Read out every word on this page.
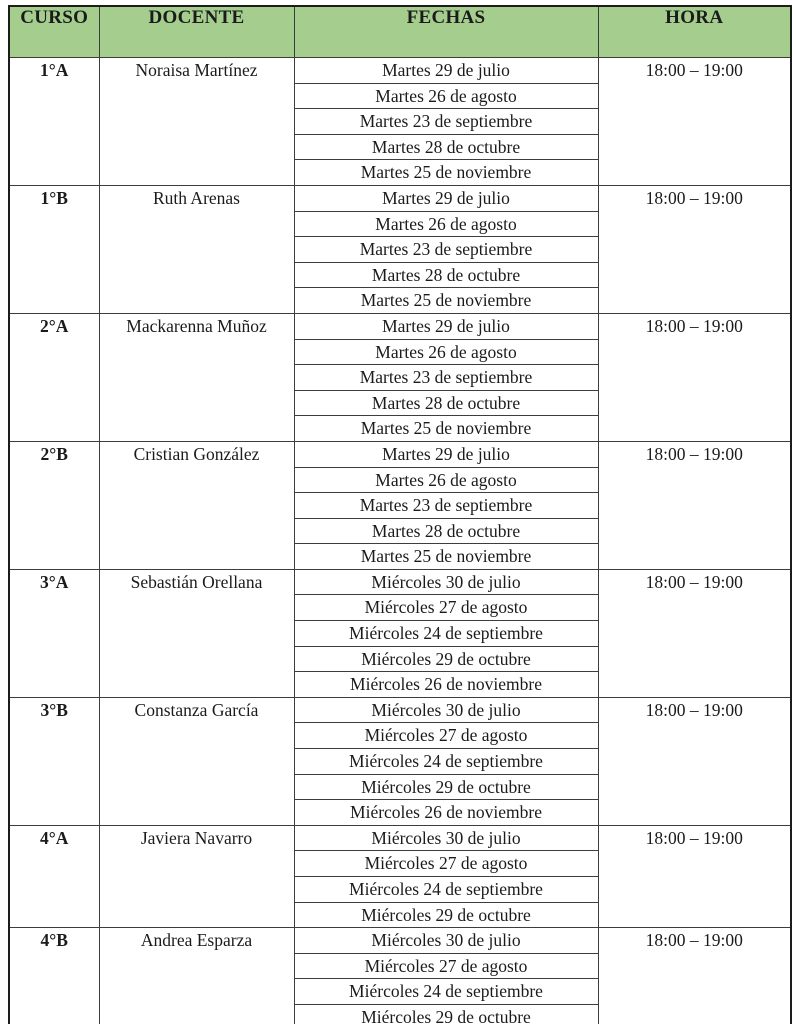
CURSO	DOCENTE	FECHAS	HORA
1°A	Noraisa Martínez	Martes 29 de julio	18:00 – 19:00
		Martes 26 de agosto	
		Martes 23 de septiembre	
		Martes 28 de octubre	
		Martes 25 de noviembre	
1°B	Ruth Arenas	Martes 29 de julio	18:00 – 19:00
		Martes 26 de agosto	
		Martes 23 de septiembre	
		Martes 28 de octubre	
		Martes 25 de noviembre	
2°A	Mackarenna Muñoz	Martes 29 de julio	18:00 – 19:00
		Martes 26 de agosto	
		Martes 23 de septiembre	
		Martes 28 de octubre	
		Martes 25 de noviembre	
2°B	Cristian González	Martes 29 de julio	18:00 – 19:00
		Martes 26 de agosto	
		Martes 23 de septiembre	
		Martes 28 de octubre	
		Martes 25 de noviembre	
3°A	Sebastián Orellana	Miércoles 30 de julio	18:00 – 19:00
		Miércoles 27 de agosto	
		Miércoles 24 de septiembre	
		Miércoles 29 de octubre	
		Miércoles 26 de noviembre	
3°B	Constanza García	Miércoles 30 de julio	18:00 – 19:00
		Miércoles 27 de agosto	
		Miércoles 24 de septiembre	
		Miércoles 29 de octubre	
		Miércoles 26 de noviembre	
4°A	Javiera Navarro	Miércoles 30 de julio	18:00 – 19:00
		Miércoles 27 de agosto	
		Miércoles 24 de septiembre	
		Miércoles 29 de octubre	
4°B	Andrea Esparza	Miércoles 30 de julio	18:00 – 19:00
		Miércoles 27 de agosto	
		Miércoles 24 de septiembre	
		Miércoles 29 de octubre	
